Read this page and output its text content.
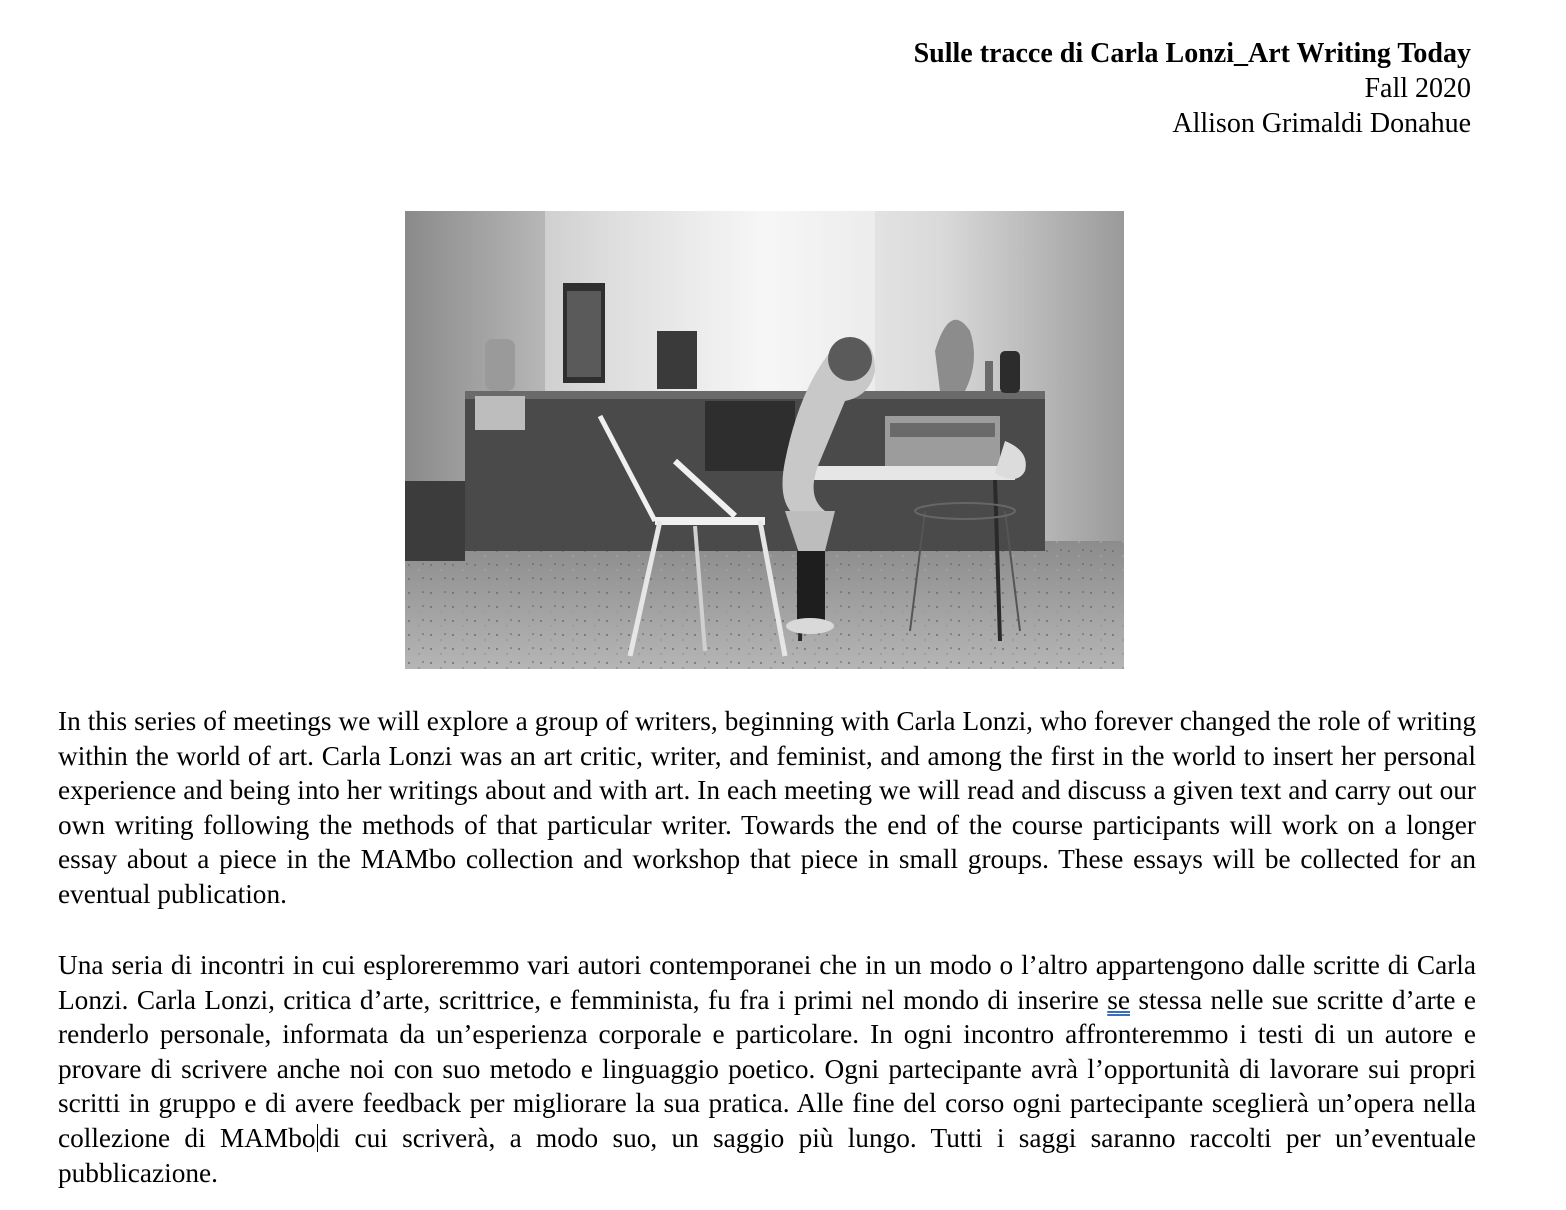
Sulle tracce di Carla Lonzi_Art Writing Today
Fall 2020
Allison Grimaldi Donahue

In this series of meetings we will explore a group of writers, beginning with Carla Lonzi, who forever changed the role of writing within the world of art. Carla Lonzi was an art critic, writer, and feminist, and among the first in the world to insert her personal experience and being into her writings about and with art. In each meeting we will read and discuss a given text and carry out our own writing following the methods of that particular writer. Towards the end of the course participants will work on a longer essay about a piece in the MAMbo collection and workshop that piece in small groups. These essays will be collected for an eventual publication.

Una seria di incontri in cui esploreremmo vari autori contemporanei che in un modo o l’altro appartengono dalle scritte di Carla Lonzi. Carla Lonzi, critica d’arte, scrittrice, e femminista, fu fra i primi nel mondo di inserire se stessa nelle sue scritte d’arte e renderlo personale, informata da un’esperienza corporale e particolare. In ogni incontro affronteremmo i testi di un autore e provare di scrivere anche noi con suo metodo e linguaggio poetico. Ogni partecipante avrà l’opportunità di lavorare sui propri scritti in gruppo e di avere feedback per migliorare la sua pratica. Alle fine del corso ogni partecipante sceglierà un’opera nella collezione di MAMbo di cui scriverà, a modo suo, un saggio più lungo. Tutti i saggi saranno raccolti per un’eventuale pubblicazione.
